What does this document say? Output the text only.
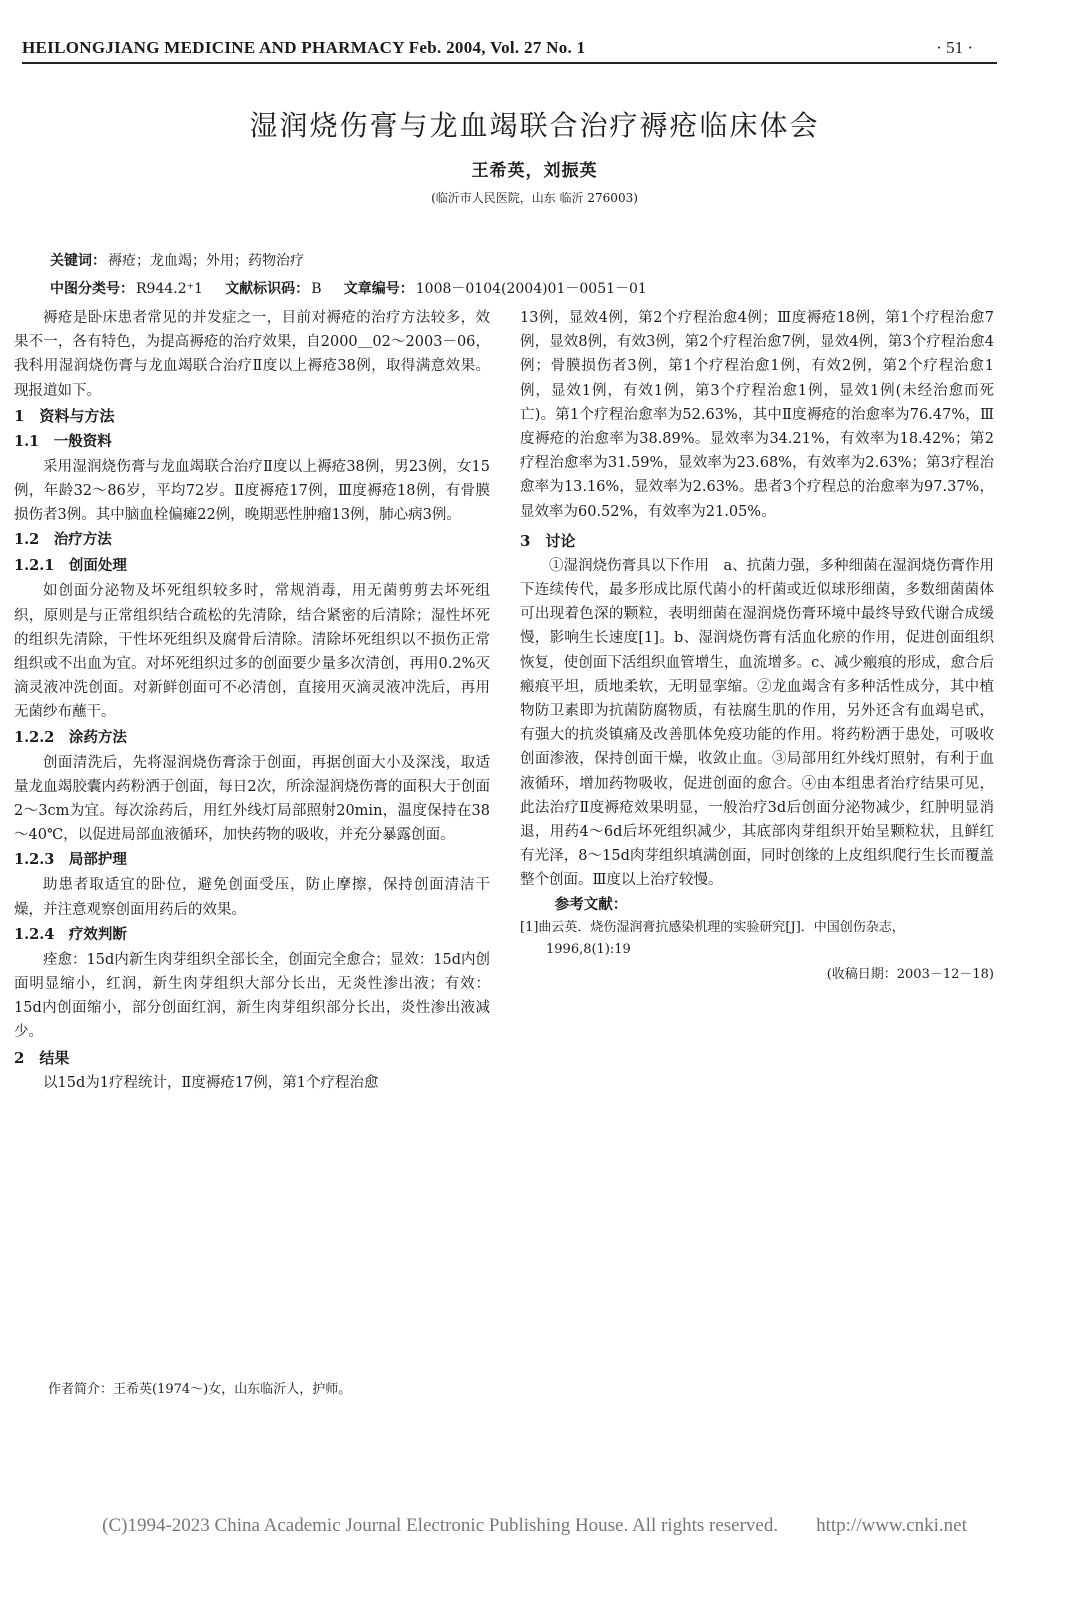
HEILONGJIANG MEDICINE AND PHARMACY Feb. 2004, Vol. 27 No. 1	· 51 ·
湿润烧伤膏与龙血竭联合治疗褥疮临床体会
王希英，刘振英
(临沂市人民医院，山东 临沂 276003)
关键词： 褥疮；龙血竭；外用；药物治疗
中图分类号： R944.2⁺1 文献标识码： B 文章编号： 1008－0104(2004)01－0051－01

褥疮是卧床患者常见的并发症之一，目前对褥疮的治疗方法较多，效果不一，各有特色，为提高褥疮的治疗效果，自2000＿02～2003－06，我科用湿润烧伤膏与龙血竭联合治疗Ⅱ度以上褥疮38例，取得满意效果。现报道如下。

1　资料与方法
1.1　一般资料

采用湿润烧伤膏与龙血竭联合治疗Ⅱ度以上褥疮38例，男23例，女15例，年龄32～86岁，平均72岁。Ⅱ度褥疮17例，Ⅲ度褥疮18例，有骨膜损伤者3例。其中脑血栓偏瘫22例，晚期恶性肿瘤13例，肺心病3例。

1.2　治疗方法
1.2.1　创面处理

如创面分泌物及坏死组织较多时，常规消毒，用无菌剪剪去坏死组织，原则是与正常组织结合疏松的先清除，结合紧密的后清除；湿性坏死的组织先清除，干性坏死组织及腐骨后清除。清除坏死组织以不损伤正常组织或不出血为宜。对坏死组织过多的创面要少量多次清创，再用0.2%灭滴灵液冲洗创面。对新鲜创面可不必清创，直接用灭滴灵液冲洗后，再用无菌纱布蘸干。

1.2.2　涂药方法

创面清洗后，先将湿润烧伤膏涂于创面，再据创面大小及深浅，取适量龙血竭胶囊内药粉洒于创面，每日2次，所涂湿润烧伤膏的面积大于创面2～3cm为宜。每次涂药后，用红外线灯局部照射20min，温度保持在38～40℃，以促进局部血液循环，加快药物的吸收，并充分暴露创面。

1.2.3　局部护理

助患者取适宜的卧位，避免创面受压，防止摩擦，保持创面清洁干燥，并注意观察创面用药后的效果。

1.2.4　疗效判断

痊愈：15d内新生肉芽组织全部长全，创面完全愈合；显效：15d内创面明显缩小，红润，新生肉芽组织大部分长出，无炎性渗出液；有效：15d内创面缩小，部分创面红润，新生肉芽组织部分长出，炎性渗出液减少。

2　结果

以15d为1疗程统计，Ⅱ度褥疮17例，第1个疗程治愈

13例，显效4例，第2个疗程治愈4例；Ⅲ度褥疮18例，第1个疗程治愈7例，显效8例，有效3例，第2个疗程治愈7例，显效4例，第3个疗程治愈4例；骨膜损伤者3例，第1个疗程治愈1例，有效2例，第2个疗程治愈1例，显效1例，有效1例，第3个疗程治愈1例，显效1例(未经治愈而死亡)。第1个疗程治愈率为52.63%，其中Ⅱ度褥疮的治愈率为76.47%，Ⅲ度褥疮的治愈率为38.89%。显效率为34.21%，有效率为18.42%；第2疗程治愈率为31.59%，显效率为23.68%，有效率为2.63%；第3疗程治愈率为13.16%，显效率为2.63%。患者3个疗程总的治愈率为97.37%，显效率为60.52%，有效率为21.05%。

3　讨论

①湿润烧伤膏具以下作用　a、抗菌力强，多种细菌在湿润烧伤膏作用下连续传代，最多形成比原代菌小的杆菌或近似球形细菌，多数细菌菌体可出现着色深的颗粒，表明细菌在湿润烧伤膏环境中最终导致代谢合成缓慢，影响生长速度[1]。b、湿润烧伤膏有活血化瘀的作用，促进创面组织恢复，使创面下活组织血管增生，血流增多。c、减少瘢痕的形成，愈合后瘢痕平坦，质地柔软，无明显挛缩。②龙血竭含有多种活性成分，其中植物防卫素即为抗菌防腐物质，有祛腐生肌的作用，另外还含有血竭皂甙，有强大的抗炎镇痛及改善肌体免疫功能的作用。将药粉洒于患处，可吸收创面渗液，保持创面干燥，收敛止血。③局部用红外线灯照射，有利于血液循环，增加药物吸收，促进创面的愈合。④由本组患者治疗结果可见，此法治疗Ⅱ度褥疮效果明显，一般治疗3d后创面分泌物减少，红肿明显消退，用药4～6d后坏死组织减少，其底部肉芽组织开始呈颗粒状，且鲜红有光泽，8～15d肉芽组织填满创面，同时创缘的上皮组织爬行生长而覆盖整个创面。Ⅲ度以上治疗较慢。

参考文献：
[1]曲云英．烧伤湿润膏抗感染机理的实验研究[J]．中国创伤杂志，
1996,8(1):19
(收稿日期：2003－12－18)
作者简介：王希英(1974～)女，山东临沂人，护师。
(C)1994-2023 China Academic Journal Electronic Publishing House. All rights reserved.　　http://www.cnki.net
